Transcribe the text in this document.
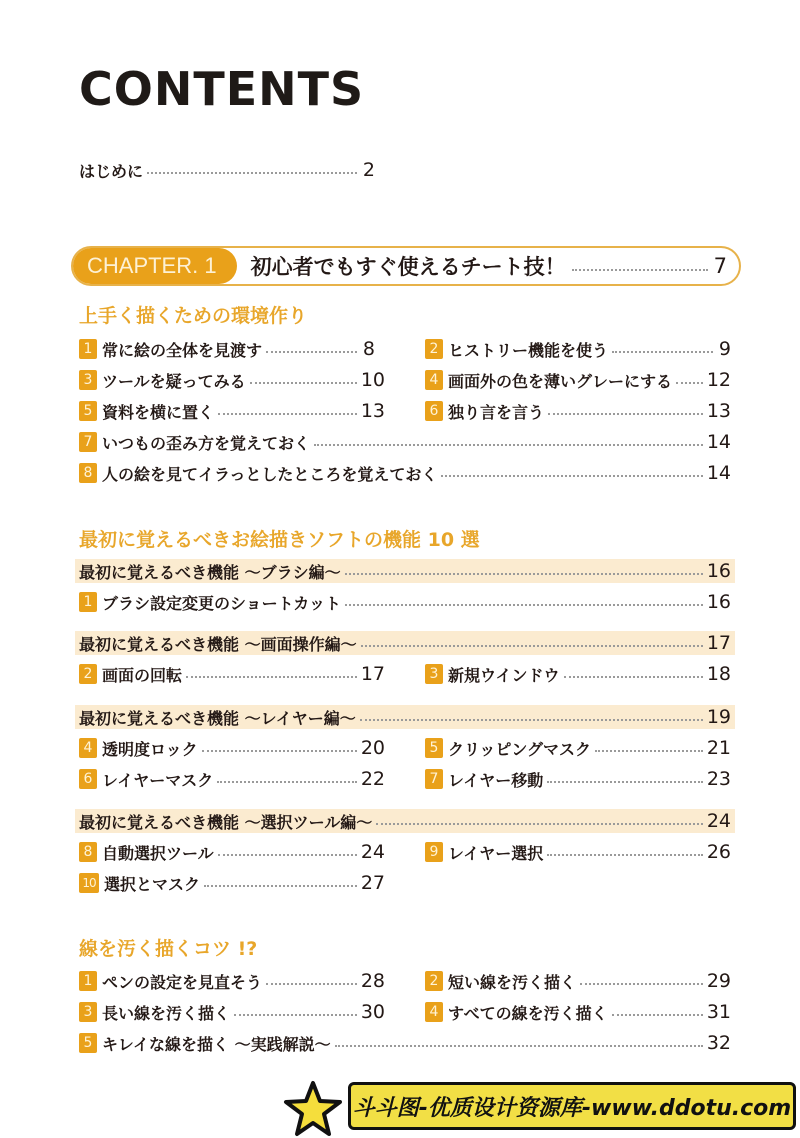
CONTENTS
はじめに	2
CHAPTER. 1	初心者でもすぐ使えるチート技！	7
上手く描くための環境作り
1 常に絵の全体を見渡す	8	2 ヒストリー機能を使う	9
3 ツールを疑ってみる	10	4 画面外の色を薄いグレーにする 12
5 資料を横に置く	13	6 独り言を言う	13
7 いつもの歪み方を覚えておく	14
8 人の絵を見てイラっとしたところを覚えておく	14
最初に覚えるべきお絵描きソフトの機能 10 選
最初に覚えるべき機能 ～ブラシ編～	16
1 ブラシ設定変更のショートカット	16
最初に覚えるべき機能 ～画面操作編～	17
2 画面の回転	17	3 新規ウインドウ	18
最初に覚えるべき機能 ～レイヤー編～	19
4 透明度ロック	20	5 クリッピングマスク	21
6 レイヤーマスク	22	7 レイヤー移動	23
最初に覚えるべき機能 ～選択ツール編～	24
8 自動選択ツール	24	9 レイヤー選択	26
10 選択とマスク	27
線を汚く描くコツ !?
1 ペンの設定を見直そう	28	2 短い線を汚く描く	29
3 長い線を汚く描く	30	4 すべての線を汚く描く	31
5 キレイな線を描く ～実践解説～	32
斗斗图-优质设计资源库-www.ddotu.com
